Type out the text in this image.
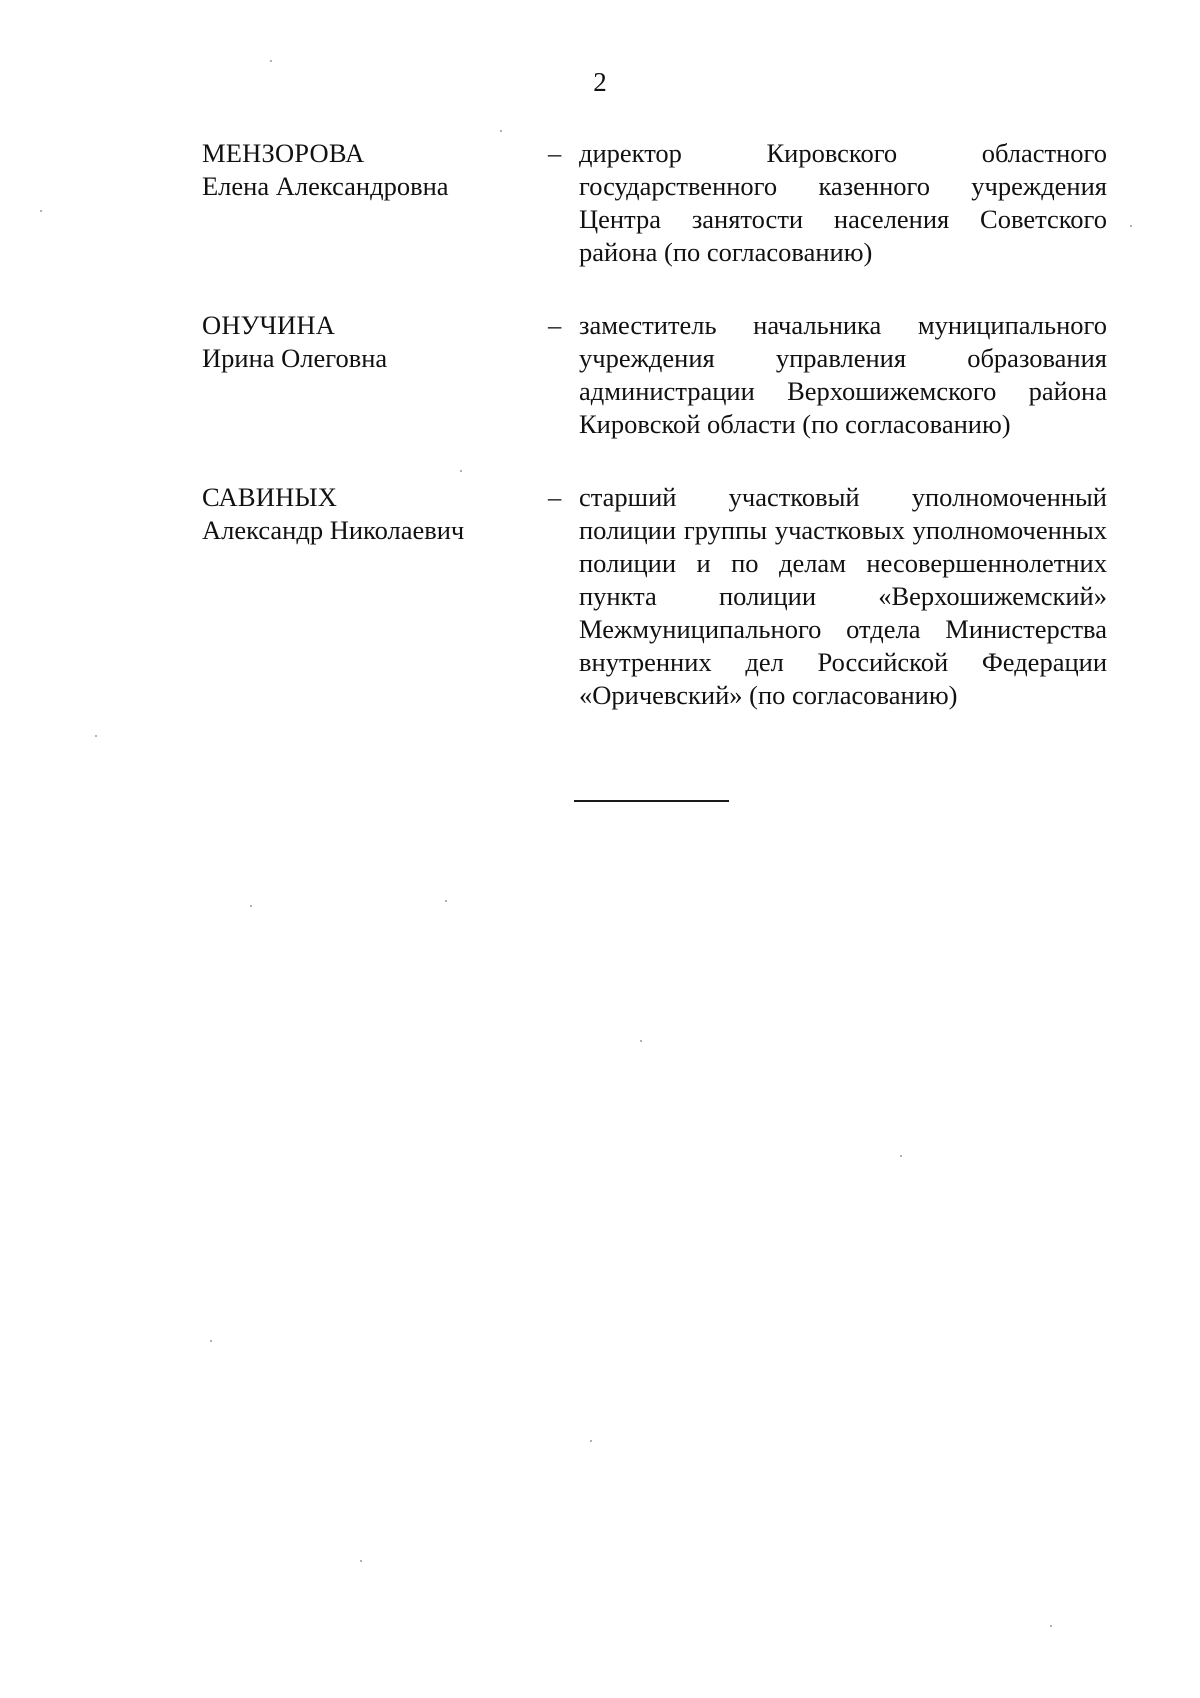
2
МЕНЗОРОВА
Елена Александровна
– директор Кировского областного государственного казенного учреждения Центра занятости населения Советского района (по согласованию)

ОНУЧИНА
Ирина Олеговна
– заместитель начальника муниципального учреждения управления образования администрации Верхошижемского района Кировской области (по согласованию)

САВИНЫХ
Александр Николаевич
– старший участковый уполномоченный полиции группы участковых уполномоченных полиции и по делам несовершеннолетних пункта полиции «Верхошижемский» Межмуниципального отдела Министерства внутренних дел Российской Федерации «Оричевский» (по согласованию)
